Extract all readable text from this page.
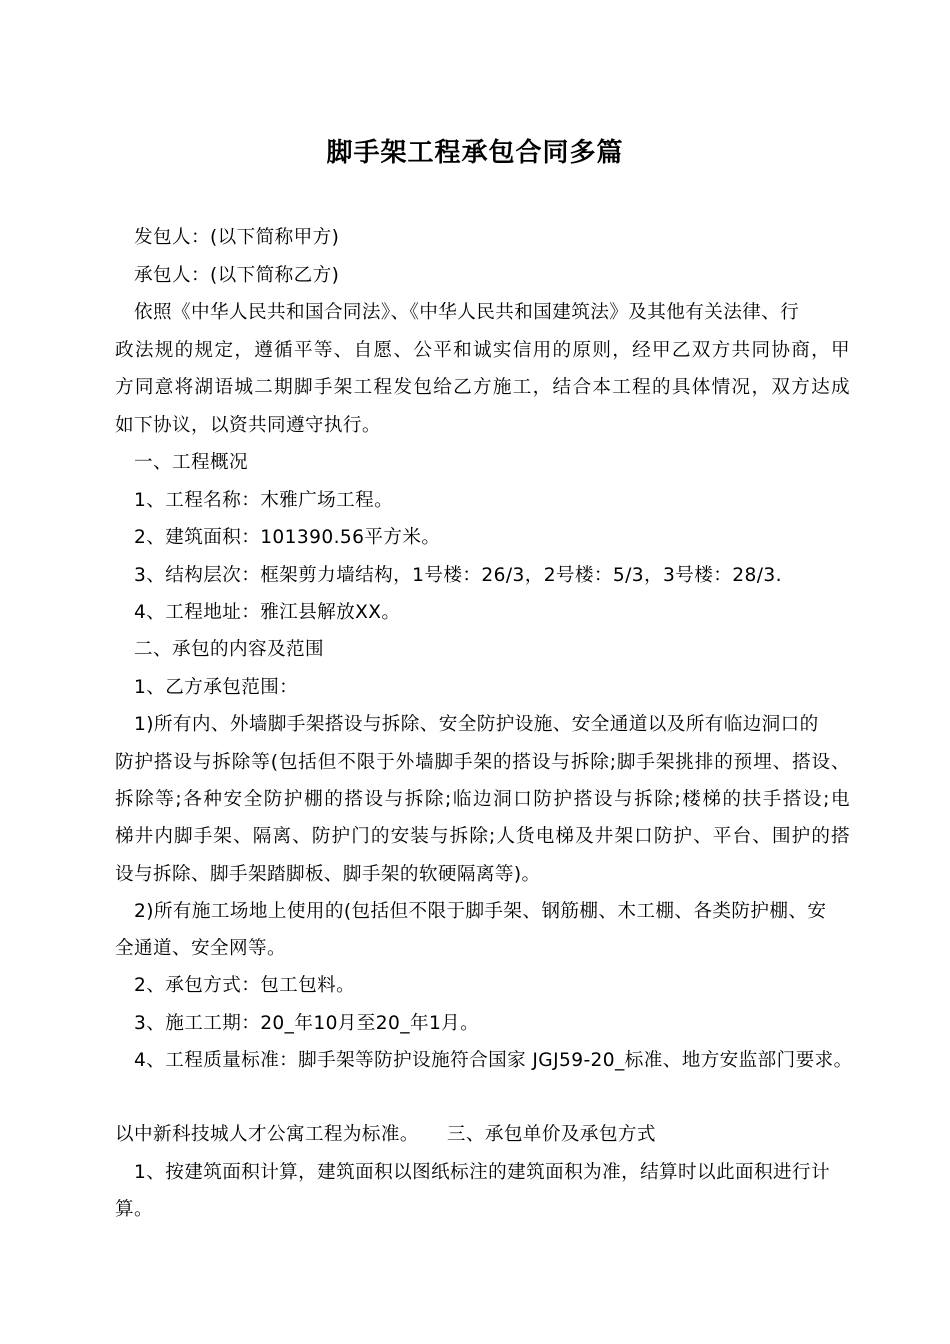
脚手架工程承包合同多篇
发包人：(以下简称甲方)
承包人：(以下简称乙方)
依照《中华人民共和国合同法》、《中华人民共和国建筑法》及其他有关法律、行
政法规的规定，遵循平等、自愿、公平和诚实信用的原则，经甲乙双方共同协商，甲
方同意将湖语城二期脚手架工程发包给乙方施工，结合本工程的具体情况，双方达成
如下协议，以资共同遵守执行。
一、工程概况
1、工程名称：木雅广场工程。
2、建筑面积：101390.56平方米。
3、结构层次：框架剪力墙结构，1号楼：26/3，2号楼：5/3，3号楼：28/3.
4、工程地址：雅江县解放XX。
二、承包的内容及范围
1、乙方承包范围：
1)所有内、外墙脚手架搭设与拆除、安全防护设施、安全通道以及所有临边洞口的
防护搭设与拆除等(包括但不限于外墙脚手架的搭设与拆除;脚手架挑排的预埋、搭设、
拆除等;各种安全防护棚的搭设与拆除;临边洞口防护搭设与拆除;楼梯的扶手搭设;电
梯井内脚手架、隔离、防护门的安装与拆除;人货电梯及井架口防护、平台、围护的搭
设与拆除、脚手架踏脚板、脚手架的软硬隔离等)。
2)所有施工场地上使用的(包括但不限于脚手架、钢筋棚、木工棚、各类防护棚、安
全通道、安全网等。
2、承包方式：包工包料。
3、施工工期：20_年10月至20_年1月。
4、工程质量标准：脚手架等防护设施符合国家 JGJ59-20_标准、地方安监部门要求。
以中新科技城人才公寓工程为标准。 三、承包单价及承包方式
1、按建筑面积计算，建筑面积以图纸标注的建筑面积为准，结算时以此面积进行计
算。
